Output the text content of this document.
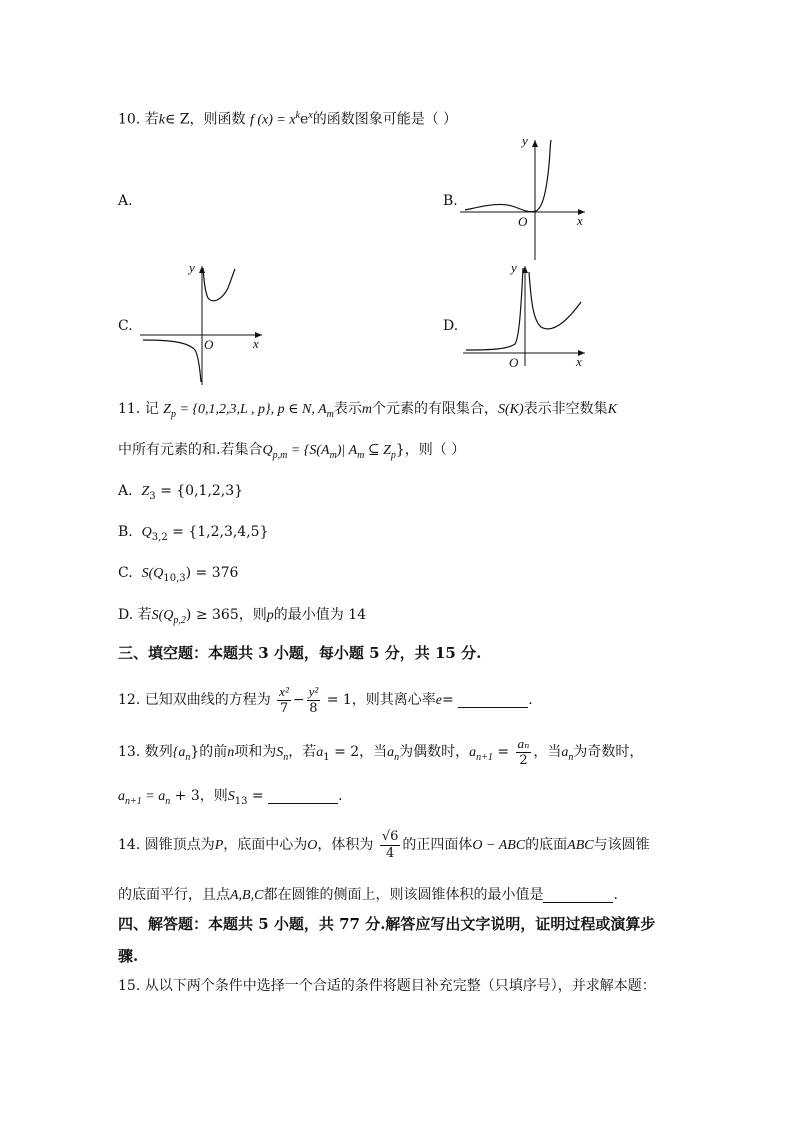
10. 若k∈ Z，则函数 f $(x) = x^ke^x$的函数图象可能是（ ）
A.	B.
C.	D.
y
x
O
y
x
O
y
x
O
11. 记 $Z_p = \{0,1,2,3,L$ , p}, p ∈ N, $A_m$表示m个元素的有限集合，S(K)表示非空数集K
中所有元素的和.若集合$Q_{p,m} = \{S(A_m)|$ $A_m$ ⊆ $Z_p$}，则（ ）
A. $Z_3 = \{0,1,2,3\}$
B. $Q_{3,2} = \{1,2,3,4,5\}$
C. $S(Q_{10,3}) = 376$
D. 若$S(Q_{p,2}) \ge 365$，则p的最小值为 14
三、填空题：本题共 3 小题，每小题 5 分，共 15 分.
12. 已知双曲线的方程为 $\frac{\text{x²}}{7} - \frac{\text{y²}}{8} = 1$，则其离心率e=	.
13. 数列$\{a_n\}$的前n项和为$S_n$，若$a_1 = 2$，当$a_n$为偶数时，$a_{n+1} = \frac{\text{aₙ}}{2}$ ，当$a_n$为奇数时，
$a_{n+1} = a_n + 3$，则$S_{13}$ =	.
14. 圆锥顶点为P，底面中心为O，体积为 $\frac{√6}{4}$ 的正四面体O − ABC的底面ABC与该圆锥
的底面平行，且点A,B,C都在圆锥的侧面上，则该圆锥体积的最小值是	.
四、解答题：本题共 5 小题，共 77 分.解答应写出文字说明，证明过程或演算步
骤.
15. 从以下两个条件中选择一个合适的条件将题目补充完整（只填序号），并求解本题：
